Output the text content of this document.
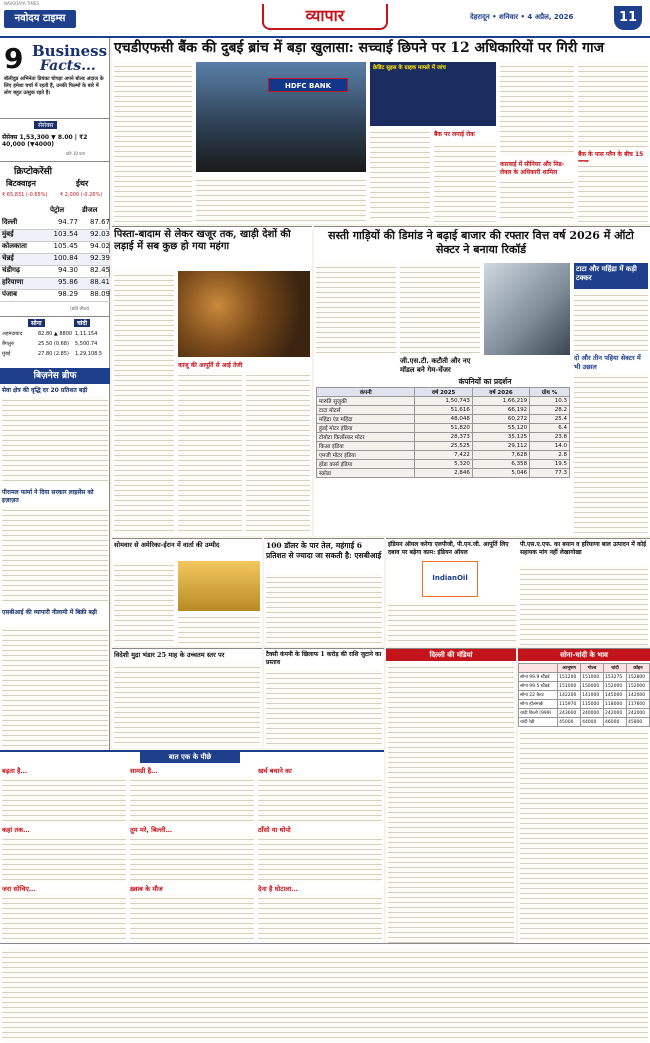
नवोदय टाइम्स	व्यापार	देहरादून • शनिवार • 4 अप्रैल, 2026	11
NAVODAYA TIMES
9 Business
Facts...
बॉलीवुड अभिनेता प्रियंका चोपड़ा अपने बोल्ड अंदाज के लिए हमेशा चर्चा में रहती हैं, उनकी फिल्मों के बारे में लोग बहुत उत्सुक रहते हैं।
सेंसेक्स
सेंसेक्स 1,53,300 ▼ 8.00 | ₹2 40,000 (▼4000)
प्रति 10 ग्राम
क्रिप्टोकरेंसी
बिटक्वाइन	ईथर
₹ 65,831 (-0.65%)	₹ 2,000 (-0.26%)
पेट्रोल	डीजल
दिल्ली	94.77	87.67
मुंबई	103.54	92.03
कोलकाता	105.45	94.02
चेन्नई	100.84	92.39
चंडीगढ़	94.30	82.45
हरियाणा	95.86	88.41
पंजाब	98.29	88.09
(प्रति लीटर)
सोना	चांदी
अहमदाबाद	82.80 ▲ 8800 1,11,154
बैंगलुरु	25.50 (0.68)	5,500.74
मुंबई	27.80 (2.85)	1,29,108.5
बिज़नेस ब्रीफ
सेवा क्षेत्र की वृद्धि दर 20 प्रतिशत बढ़ी
पीरामल फार्मा ने दिया सरकार लाइसेंस को इज़ाज़त
एसबीआई की व्यापारी नीलामी में बिक्री बढ़ी
एचडीएफसी बैंक की दुबई ब्रांच में बड़ा खुलासा: सच्चाई छिपने पर 12 अधिकारियों पर गिरी गाज
HDFC BANK
क्रेडिट सुइस के ग्राहक मामले में जांच
बैंक पर लगाई रोक
कारवाई में सीनियर और मिड-लेवल के अधिकारी शामिल
बैंक के पास प्लैन के बीच 15
पिस्ता-बादाम से लेकर खजूर तक, खाड़ी देशों की लड़ाई में सब कुछ हो गया महंगा
काजू की आपूर्ति से आई तेजी
सस्ती गाड़ियों की डिमांड ने बढ़ाई बाजार की रफ्तार वित्त वर्ष 2026 में ऑटो सेक्टर ने बनाया रिकॉर्ड
जी.एस.टी. कटौती और नए मॉडल बने गेम-चेंजर
टाटा और महिंद्रा में कड़ी टक्कर
दो और तीन पहिया सेक्टर में भी उछाल
कंपनियों का प्रदर्शन
कंपनी	वर्ष 2025	वर्ष 2026	ग्रोथ %
मारुति सुजुकी	1,50,743	1,66,219	10.3
टाटा मोटर्स	51,616	66,192	28.2
महिंद्रा एंड महिंद्रा	48,048	60,272	25.4
हुंडई मोटर इंडिया	51,820	55,120	6.4
टोयोटा किर्लोस्कर मोटर	28,373	35,125	23.8
किआ इंडिया	25,525	29,112	14.0
एमजी मोटर इंडिया	7,422	7,628	2.8
होंडा कार्स इंडिया	5,320	6,358	19.5
स्कोडा	2,846	5,046	77.3
सोमवार से अमेरिका-ईरान में वार्ता की उम्मीद	100 डॉलर के पार तेल, महंगाई 6 प्रतिशत से ज्यादा जा सकती है: एसबीआई
इंडियन ऑयल करेगा एलपीजी, पी.एन.जी. आपूर्ति लिए दबाव पर बढ़ेगा काम: इंडियन ऑयल
IndianOil
पी.एस.ए.एफ. का बयान व हरियाणा बाल उत्पादन में कोई सहायक मांग नहीं लेखागोखा
विदेशी मुद्रा भंडार 25 माह के उच्चतम स्तर पर	टैक्सी कंपनी के खिलाफ 1 करोड़ की राशि जुटाने का प्रस्ताव
दिल्ली की मंडियां	सोना-चांदी के भाव
	आभूषण	गोल्ड	चांदी	कॉइन
सोना 99.9 स्टैंडर्ड	151200	151000	153275	152800
सोना 99.5 स्टैंडर्ड	151000	150000	152000	152000
सोना 22 कैरट	142200	141000	145000	142000
सोना हॉलमार्क	115970	115000	118000	117600
चांदी किलो (999)	243600	240000	242000	242000
चांदी रेडी	45000	44000	46000	45800
बात एक के पीछे
बढ़ता है…	सामग्री है…	खर्च बचाने का
कहां तक…	तुम मरे, बिल्ली…	ठाँसो या थोपो
जरा सोचिए…	ख़्वाब के मौज	देना है घोटाला…
